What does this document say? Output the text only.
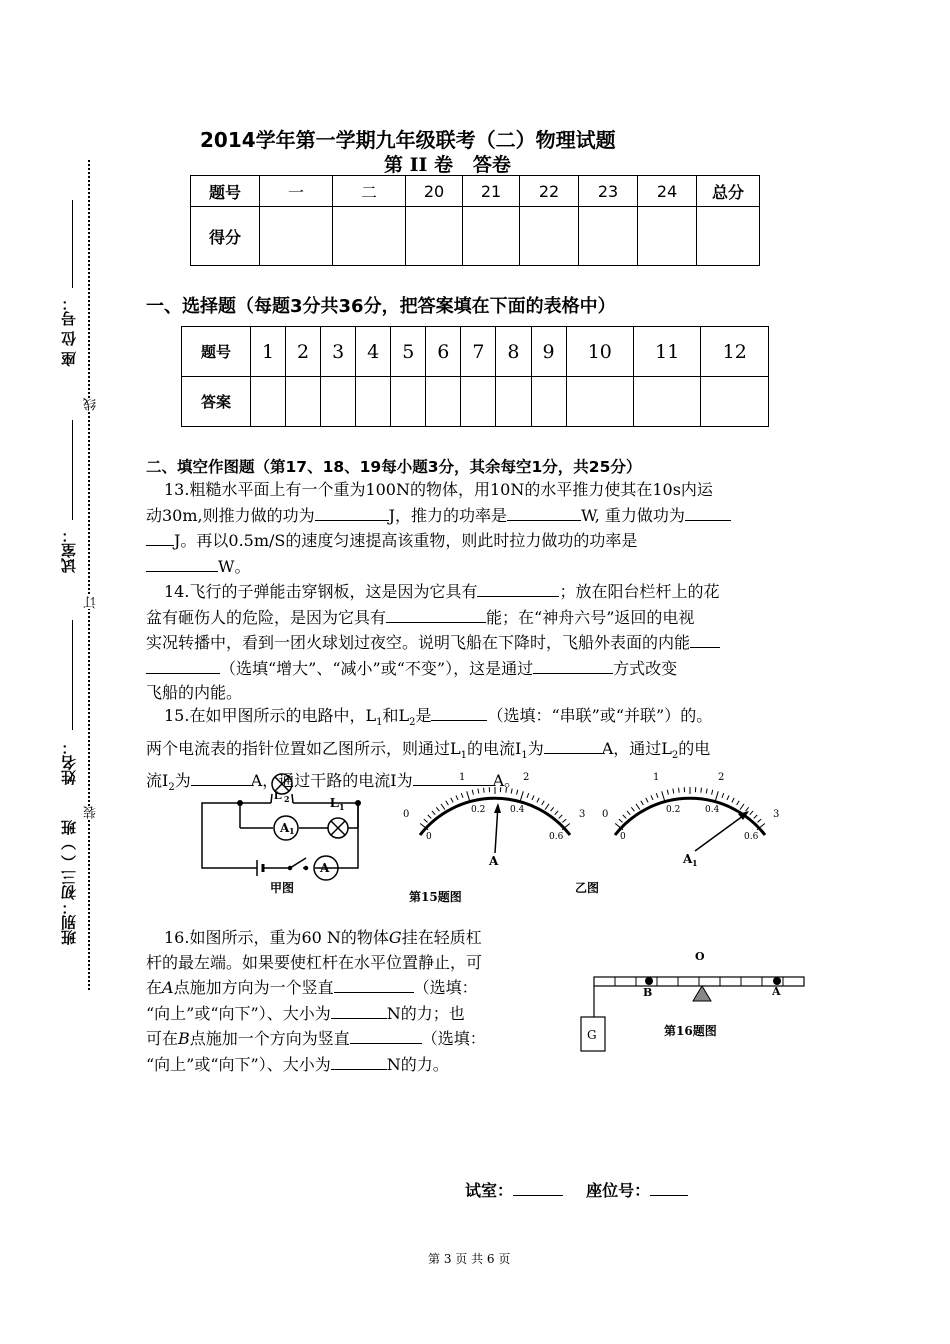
座 位 号：
线
试室：
订
姓名：
装
班别：初三（ ）班
2014学年第一学期九年级联考（二）物理试题
第 II 卷   答卷
题号	一	二	20	21	22	23	24	总分
得分								
一、选择题（每题3分共36分，把答案填在下面的表格中）
题号	1	2	3	4	5	6	7	8	9	10	11	12
答案												
二、填空作图题（第17、18、19每小题3分，其余每空1分，共25分）
13.粗糙水平面上有一个重为100N的物体，用10N的水平推力使其在10s内运
动30m,则推力做的功为	J，推力的功率是	W, 重力做功为
J。再以0.5m/S的速度匀速提高该重物，则此时拉力做功的功率是
W。
14.飞行的子弹能击穿钢板，这是因为它具有	；放在阳台栏杆上的花
盆有砸伤人的危险，是因为它具有	能；在“神舟六号”返回的电视
实况转播中，看到一团火球划过夜空。说明飞船在下降时，飞船外表面的内能
（选填“增大”、“减小”或“不变”），这是通过	方式改变
飞船的内能。
15.在如甲图所示的电路中，$L_1$和$L_2$是	（选填：“串联”或“并联”）的。
两个电流表的指针位置如乙图所示，则通过$L_1$的电流$I_1$为	A，通过$L_2$的电
流$I_2$为	A，通过干路的电流I为	A。
L 2	L 1
A 1
A
甲图
0
1	2
3
0
0.2	0.4
0.6
A
0
1	2
3
0
0.2	0.4
0.6
A 1
第15题图
乙图
16.如图所示，重为60 N的物体G挂在轻质杠
杆的最左端。如果要使杠杆在水平位置静止，可
在A点施加方向为一个竖直	（选填：
“向上”或“向下”）、大小为	N的力；也
可在B点施加一个方向为竖直	（选填：
“向上”或“向下”）、大小为	N的力。
O
B	A
G	第16题图
试室：	座位号：
第 3 页 共 6 页
